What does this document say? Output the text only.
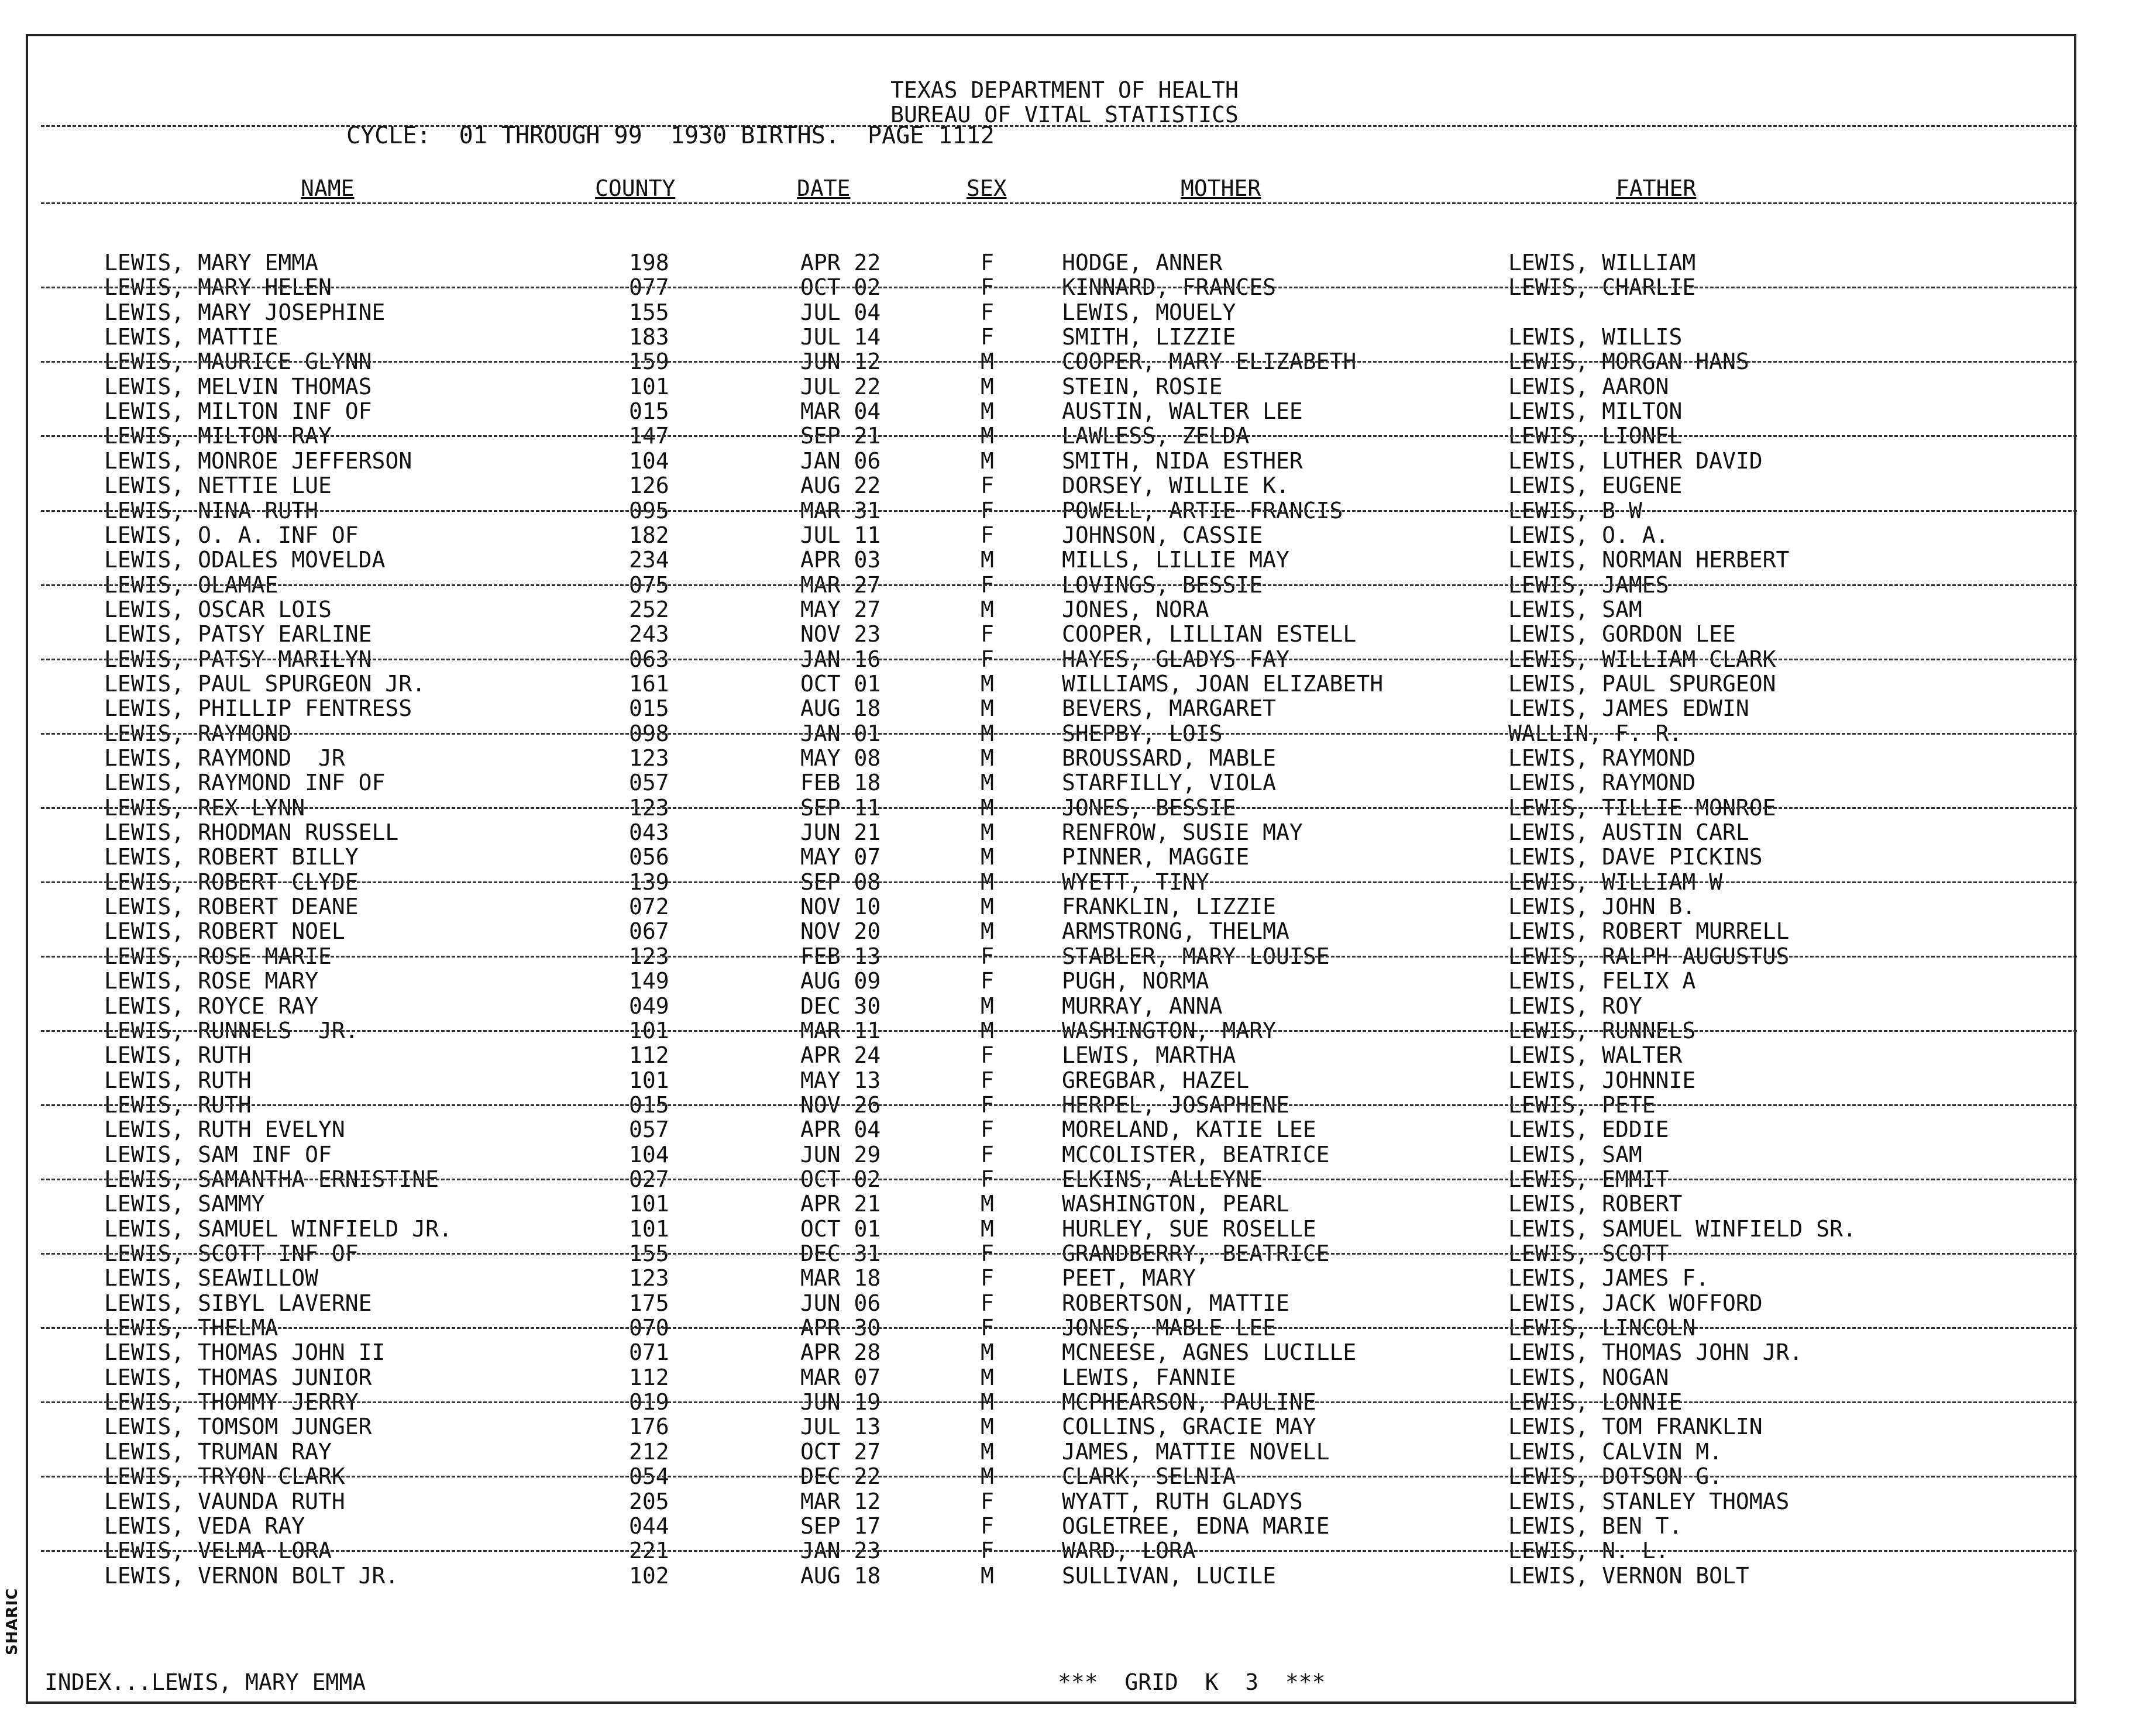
SHARIC
TEXAS DEPARTMENT OF HEALTH
BUREAU OF VITAL STATISTICS
CYCLE:  01 THROUGH 99  1930 BIRTHS.  PAGE 1112
NAME	COUNTY	DATE	SEX	MOTHER	FATHER
LEWIS, MARY EMMA	198	APR 22	F	HODGE, ANNER	LEWIS, WILLIAM
LEWIS, MARY HELEN	077	OCT 02	F	KINNARD, FRANCES	LEWIS, CHARLIE
LEWIS, MARY JOSEPHINE	155	JUL 04	F	LEWIS, MOUELY
LEWIS, MATTIE	183	JUL 14	F	SMITH, LIZZIE	LEWIS, WILLIS
LEWIS, MAURICE GLYNN	159	JUN 12	M	COOPER, MARY ELIZABETH	LEWIS, MORGAN HANS
LEWIS, MELVIN THOMAS	101	JUL 22	M	STEIN, ROSIE	LEWIS, AARON
LEWIS, MILTON INF OF	015	MAR 04	M	AUSTIN, WALTER LEE	LEWIS, MILTON
LEWIS, MILTON RAY	147	SEP 21	M	LAWLESS, ZELDA	LEWIS, LIONEL
LEWIS, MONROE JEFFERSON	104	JAN 06	M	SMITH, NIDA ESTHER	LEWIS, LUTHER DAVID
LEWIS, NETTIE LUE	126	AUG 22	F	DORSEY, WILLIE K.	LEWIS, EUGENE
LEWIS, NINA RUTH	095	MAR 31	F	POWELL, ARTIE FRANCIS	LEWIS, B W
LEWIS, O. A. INF OF	182	JUL 11	F	JOHNSON, CASSIE	LEWIS, O. A.
LEWIS, ODALES MOVELDA	234	APR 03	M	MILLS, LILLIE MAY	LEWIS, NORMAN HERBERT
LEWIS, OLAMAE	075	MAR 27	F	LOVINGS, BESSIE	LEWIS, JAMES
LEWIS, OSCAR LOIS	252	MAY 27	M	JONES, NORA	LEWIS, SAM
LEWIS, PATSY EARLINE	243	NOV 23	F	COOPER, LILLIAN ESTELL	LEWIS, GORDON LEE
LEWIS, PATSY MARILYN	063	JAN 16	F	HAYES, GLADYS FAY	LEWIS, WILLIAM CLARK
LEWIS, PAUL SPURGEON JR.	161	OCT 01	M	WILLIAMS, JOAN ELIZABETH	LEWIS, PAUL SPURGEON
LEWIS, PHILLIP FENTRESS	015	AUG 18	M	BEVERS, MARGARET	LEWIS, JAMES EDWIN
LEWIS, RAYMOND	098	JAN 01	M	SHEPBY, LOIS	WALLIN, F. R.
LEWIS, RAYMOND  JR	123	MAY 08	M	BROUSSARD, MABLE	LEWIS, RAYMOND
LEWIS, RAYMOND INF OF	057	FEB 18	M	STARFILLY, VIOLA	LEWIS, RAYMOND
LEWIS, REX LYNN	123	SEP 11	M	JONES, BESSIE	LEWIS, TILLIE MONROE
LEWIS, RHODMAN RUSSELL	043	JUN 21	M	RENFROW, SUSIE MAY	LEWIS, AUSTIN CARL
LEWIS, ROBERT BILLY	056	MAY 07	M	PINNER, MAGGIE	LEWIS, DAVE PICKINS
LEWIS, ROBERT CLYDE	139	SEP 08	M	WYETT, TINY	LEWIS, WILLIAM W
LEWIS, ROBERT DEANE	072	NOV 10	M	FRANKLIN, LIZZIE	LEWIS, JOHN B.
LEWIS, ROBERT NOEL	067	NOV 20	M	ARMSTRONG, THELMA	LEWIS, ROBERT MURRELL
LEWIS, ROSE MARIE	123	FEB 13	F	STABLER, MARY LOUISE	LEWIS, RALPH AUGUSTUS
LEWIS, ROSE MARY	149	AUG 09	F	PUGH, NORMA	LEWIS, FELIX A
LEWIS, ROYCE RAY	049	DEC 30	M	MURRAY, ANNA	LEWIS, ROY
LEWIS, RUNNELS  JR.	101	MAR 11	M	WASHINGTON, MARY	LEWIS, RUNNELS
LEWIS, RUTH	112	APR 24	F	LEWIS, MARTHA	LEWIS, WALTER
LEWIS, RUTH	101	MAY 13	F	GREGBAR, HAZEL	LEWIS, JOHNNIE
LEWIS, RUTH	015	NOV 26	F	HERPEL, JOSAPHENE	LEWIS, PETE
LEWIS, RUTH EVELYN	057	APR 04	F	MORELAND, KATIE LEE	LEWIS, EDDIE
LEWIS, SAM INF OF	104	JUN 29	F	MCCOLISTER, BEATRICE	LEWIS, SAM
LEWIS, SAMANTHA ERNISTINE	027	OCT 02	F	ELKINS, ALLEYNE	LEWIS, EMMIT
LEWIS, SAMMY	101	APR 21	M	WASHINGTON, PEARL	LEWIS, ROBERT
LEWIS, SAMUEL WINFIELD JR.	101	OCT 01	M	HURLEY, SUE ROSELLE	LEWIS, SAMUEL WINFIELD SR.
LEWIS, SCOTT INF OF	155	DEC 31	F	GRANDBERRY, BEATRICE	LEWIS, SCOTT
LEWIS, SEAWILLOW	123	MAR 18	F	PEET, MARY	LEWIS, JAMES F.
LEWIS, SIBYL LAVERNE	175	JUN 06	F	ROBERTSON, MATTIE	LEWIS, JACK WOFFORD
LEWIS, THELMA	070	APR 30	F	JONES, MABLE LEE	LEWIS, LINCOLN
LEWIS, THOMAS JOHN II	071	APR 28	M	MCNEESE, AGNES LUCILLE	LEWIS, THOMAS JOHN JR.
LEWIS, THOMAS JUNIOR	112	MAR 07	M	LEWIS, FANNIE	LEWIS, NOGAN
LEWIS, THOMMY JERRY	019	JUN 19	M	MCPHEARSON, PAULINE	LEWIS, LONNIE
LEWIS, TOMSOM JUNGER	176	JUL 13	M	COLLINS, GRACIE MAY	LEWIS, TOM FRANKLIN
LEWIS, TRUMAN RAY	212	OCT 27	M	JAMES, MATTIE NOVELL	LEWIS, CALVIN M.
LEWIS, TRYON CLARK	054	DEC 22	M	CLARK, SELNIA	LEWIS, DOTSON G.
LEWIS, VAUNDA RUTH	205	MAR 12	F	WYATT, RUTH GLADYS	LEWIS, STANLEY THOMAS
LEWIS, VEDA RAY	044	SEP 17	F	OGLETREE, EDNA MARIE	LEWIS, BEN T.
LEWIS, VELMA LORA	221	JAN 23	F	WARD, LORA	LEWIS, N. L.
LEWIS, VERNON BOLT JR.	102	AUG 18	M	SULLIVAN, LUCILE	LEWIS, VERNON BOLT
INDEX...LEWIS, MARY EMMA	***  GRID  K  3  ***
